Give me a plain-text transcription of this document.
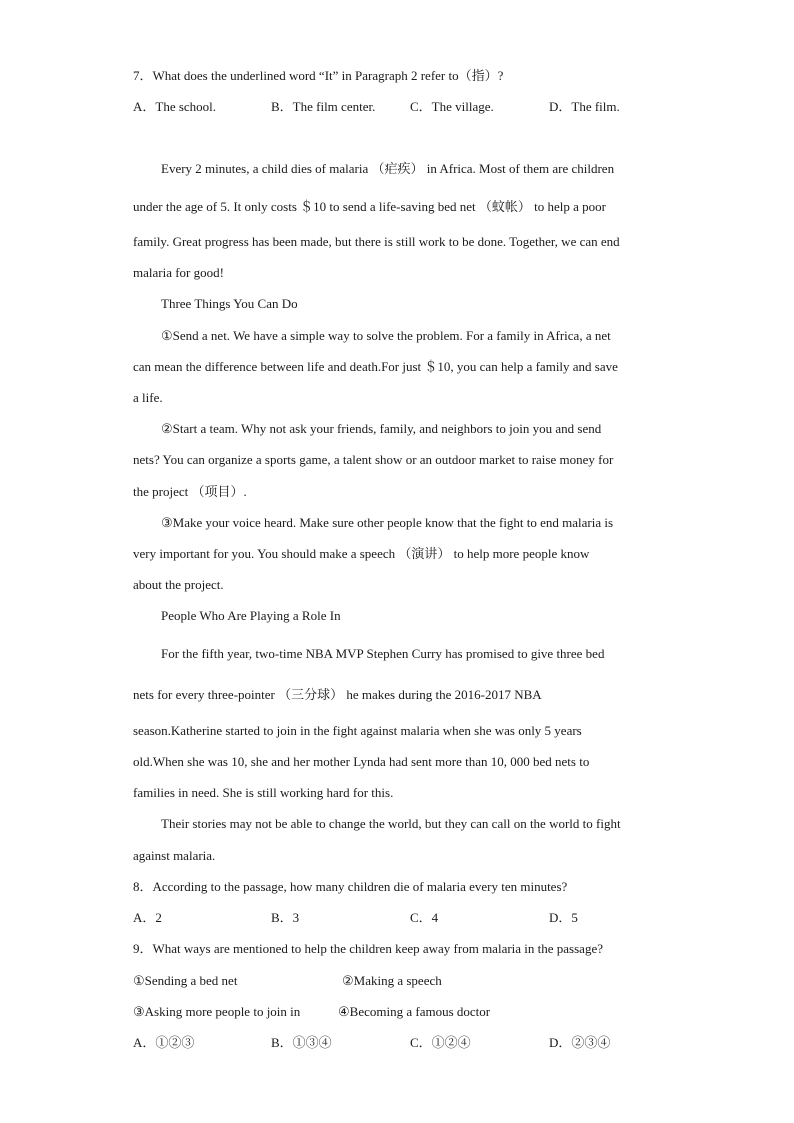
7．What does the underlined word “It” in Paragraph 2 refer to（指）?
A．The school.	B．The film center.	C．The village.	D．The film.
Every 2 minutes, a child dies of malaria （疟疾） in Africa. Most of them are children
under the age of 5. It only costs ＄10 to send a life-saving bed net （蚊帐） to help a poor
family. Great progress has been made, but there is still work to be done. Together, we can end
malaria for good!
Three Things You Can Do
①Send a net. We have a simple way to solve the problem. For a family in Africa, a net
can mean the difference between life and death.For just ＄10, you can help a family and save
a life.
②Start a team. Why not ask your friends, family, and neighbors to join you and send
nets? You can organize a sports game, a talent show or an outdoor market to raise money for
the project （项目）.
③Make your voice heard. Make sure other people know that the fight to end malaria is
very important for you. You should make a speech （演讲） to help more people know
about the project.
People Who Are Playing a Role In
For the fifth year, two-time NBA MVP Stephen Curry has promised to give three bed
nets for every three-pointer （三分球） he makes during the 2016-2017 NBA
season.Katherine started to join in the fight against malaria when she was only 5 years
old.When she was 10, she and her mother Lynda had sent more than 10, 000 bed nets to
families in need. She is still working hard for this.
Their stories may not be able to change the world, but they can call on the world to fight
against malaria.
8．According to the passage, how many children die of malaria every ten minutes?
A．2	B．3	C．4	D．5
9．What ways are mentioned to help the children keep away from malaria in the passage?
①Sending a bed net	②Making a speech
③Asking more people to join in	④Becoming a famous doctor
A．①②③	B．①③④	C．①②④	D．②③④
